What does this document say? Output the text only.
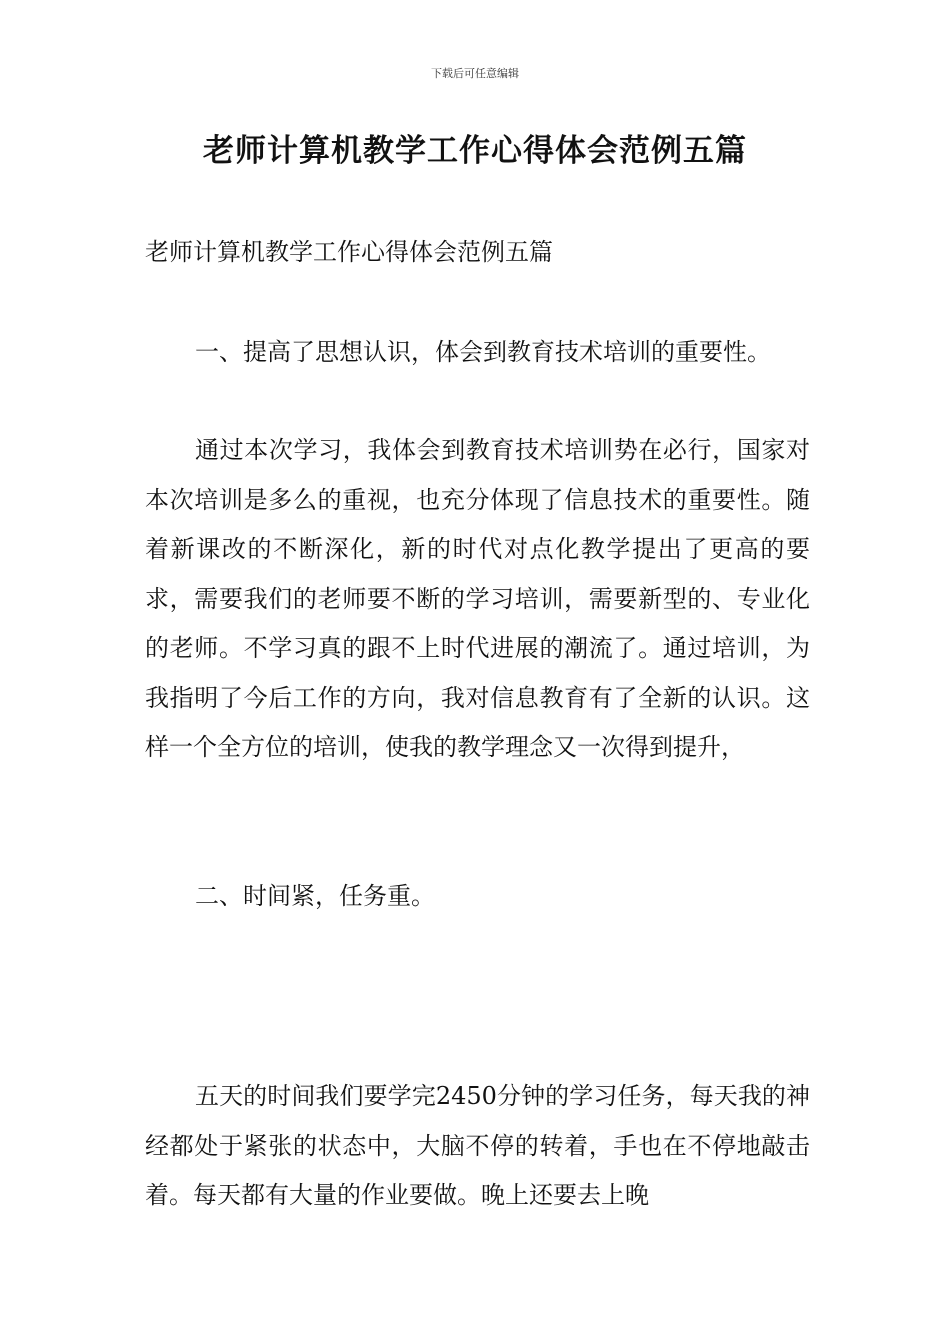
下载后可任意编辑
老师计算机教学工作心得体会范例五篇

老师计算机教学工作心得体会范例五篇

一、提高了思想认识，体会到教育技术培训的重要性。

通过本次学习，我体会到教育技术培训势在必行，国家对本次培训是多么的重视，也充分体现了信息技术的重要性。随着新课改的不断深化，新的时代对点化教学提出了更高的要求，需要我们的老师要不断的学习培训，需要新型的、专业化的老师。不学习真的跟不上时代进展的潮流了。通过培训，为我指明了今后工作的方向，我对信息教育有了全新的认识。这样一个全方位的培训，使我的教学理念又一次得到提升，

二、时间紧，任务重。

五天的时间我们要学完2450分钟的学习任务，每天我的神经都处于紧张的状态中，大脑不停的转着，手也在不停地敲击着。每天都有大量的作业要做。晚上还要去上晚
